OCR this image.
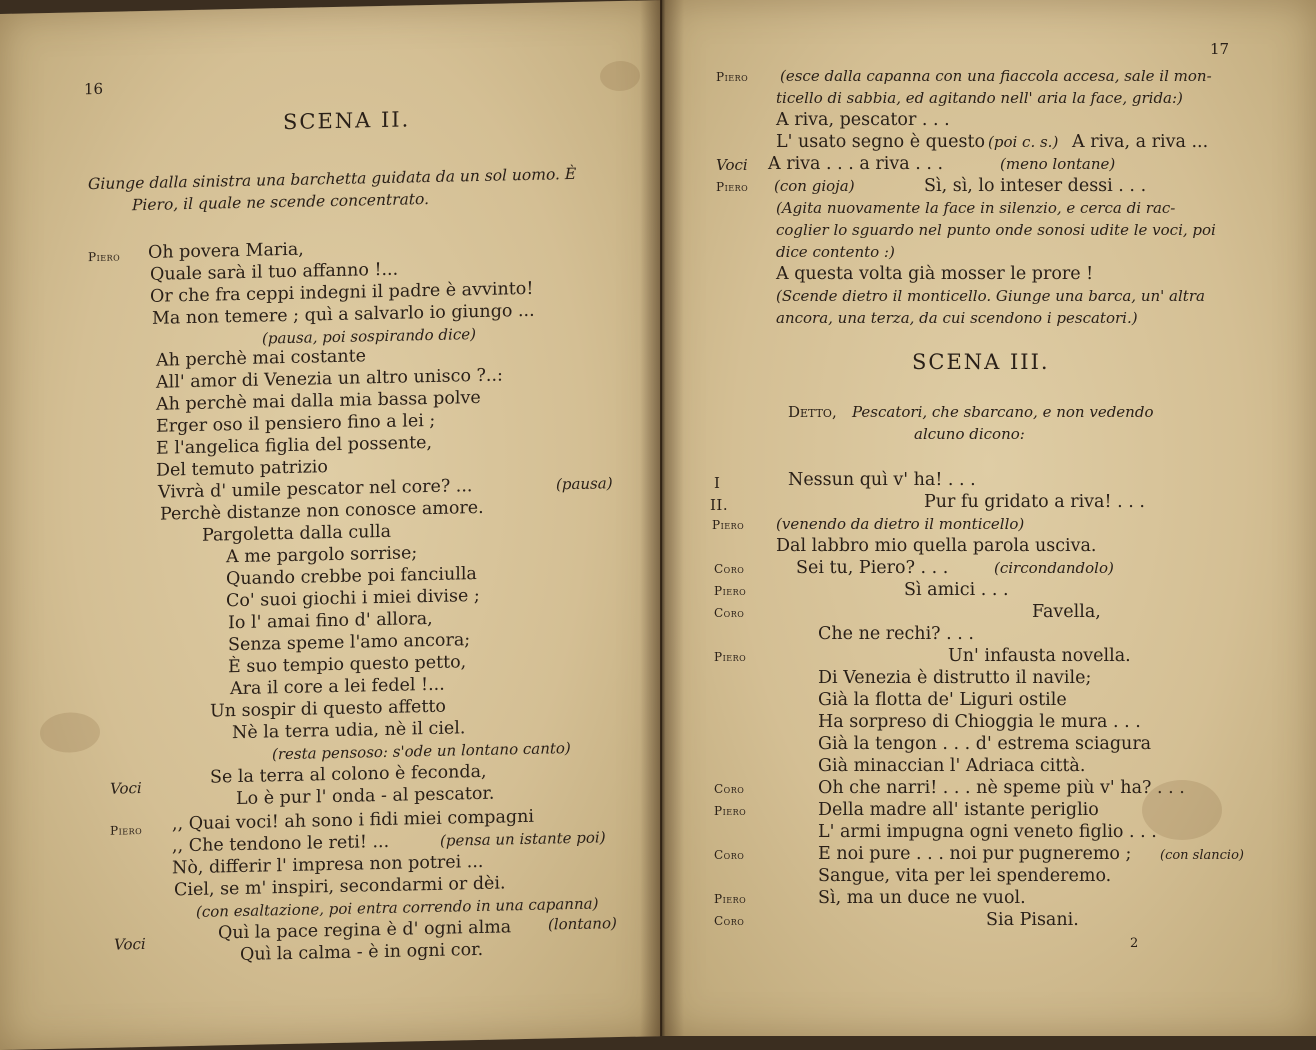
16
SCENA II.
Giunge dalla sinistra una barchetta guidata da un sol uomo. È
Piero, il quale ne scende concentrato.
Piero Oh povera Maria,
Quale sarà il tuo affanno !...
Or che fra ceppi indegni il padre è avvinto!
Ma non temere ; quì a salvarlo io giungo ...
(pausa, poi sospirando dice)
Ah perchè mai costante
All' amor di Venezia un altro unisco ?..:
Ah perchè mai dalla mia bassa polve
Erger oso il pensiero fino a lei ;
E l'angelica figlia del possente,
Del temuto patrizio
Vivrà d' umile pescator nel core? ...	(pausa)
Perchè distanze non conosce amore.
Pargoletta dalla culla
A me pargolo sorrise;
Quando crebbe poi fanciulla
Co' suoi giochi i miei divise ;
Io l' amai fino d' allora,
Senza speme l'amo ancora;
È suo tempio questo petto,
Ara il core a lei fedel !...
Un sospir di questo affetto
Nè la terra udia, nè il ciel.
(resta pensoso: s'ode un lontano canto)
Voci
Se la terra al colono è feconda,
Lo è pur l' onda - al pescator.
Piero ,, Quai voci! ah sono i fidi miei compagni
,, Che tendono le reti! ...	(pensa un istante poi)
Nò, differir l' impresa non potrei ...
Ciel, se m' inspiri, secondarmi or dèi.
(con esaltazione, poi entra correndo in una capanna)
Voci
Quì la pace regina è d' ogni alma (lontano)
Quì la calma - è in ogni cor.
17
Piero (esce dalla capanna con una fiaccola accesa, sale il mon-
ticello di sabbia, ed agitando nell' aria la face, grida:)
A riva, pescator . . .
L' usato segno è questo (poi c. s.) A riva, a riva ...
Voci A riva . . . a riva . . .	(meno lontane)
Piero (con gioja)	Sì, sì, lo inteser dessi . . .
(Agita nuovamente la face in silenzio, e cerca di rac-
coglier lo sguardo nel punto onde sonosi udite le voci, poi
dice contento :)
A questa volta già mosser le prore !
(Scende dietro il monticello. Giunge una barca, un' altra
ancora, una terza, da cui scendono i pescatori.)
SCENA III.
Detto, Pescatori, che sbarcano, e non vedendo
alcuno dicono:
I	Nessun quì v' ha! . . .
II.	Pur fu gridato a riva! . . .
Piero (venendo da dietro il monticello)
Dal labbro mio quella parola usciva.
Coro	Sei tu, Piero? . . .	(circondandolo)
Piero	Sì amici . . .
Coro	Favella,
Che ne rechi? . . .
Piero	Un' infausta novella.
Di Venezia è distrutto il navile;
Già la flotta de' Liguri ostile
Ha sorpreso di Chioggia le mura . . .
Già la tengon . . . d' estrema sciagura
Già minaccian l' Adriaca città.
Coro	Oh che narri! . . . nè speme più v' ha? . . .
Piero	Della madre all' istante periglio
L' armi impugna ogni veneto figlio . . .
Coro	E noi pure . . . noi pur pugneremo ; (con slancio)
Sangue, vita per lei spenderemo.
Piero	Sì, ma un duce ne vuol.
Coro	Sia Pisani.
2
